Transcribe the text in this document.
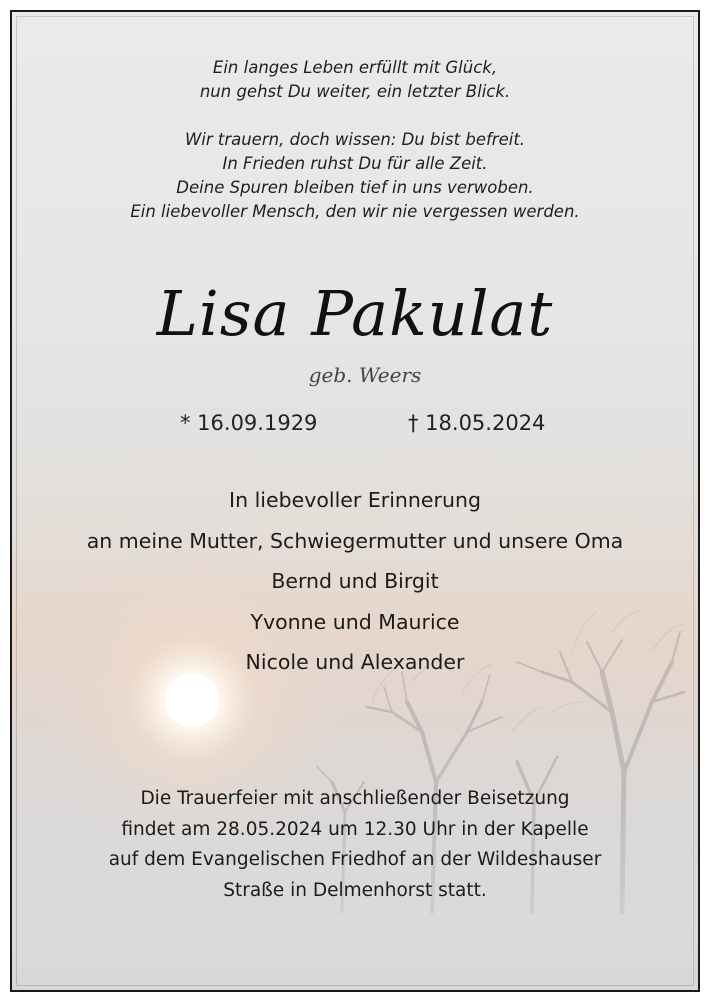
Ein langes Leben erfüllt mit Glück,
nun gehst Du weiter, ein letzter Blick.
Wir trauern, doch wissen: Du bist befreit.
In Frieden ruhst Du für alle Zeit.
Deine Spuren bleiben tief in uns verwoben.
Ein liebevoller Mensch, den wir nie vergessen werden.
Lisa Pakulat
geb. Weers
* 16.09.1929	† 18.05.2024
In liebevoller Erinnerung
an meine Mutter, Schwiegermutter und unsere Oma
Bernd und Birgit
Yvonne und Maurice
Nicole und Alexander
Die Trauerfeier mit anschließender Beisetzung
findet am 28.05.2024 um 12.30 Uhr in der Kapelle
auf dem Evangelischen Friedhof an der Wildeshauser
Straße in Delmenhorst statt.
